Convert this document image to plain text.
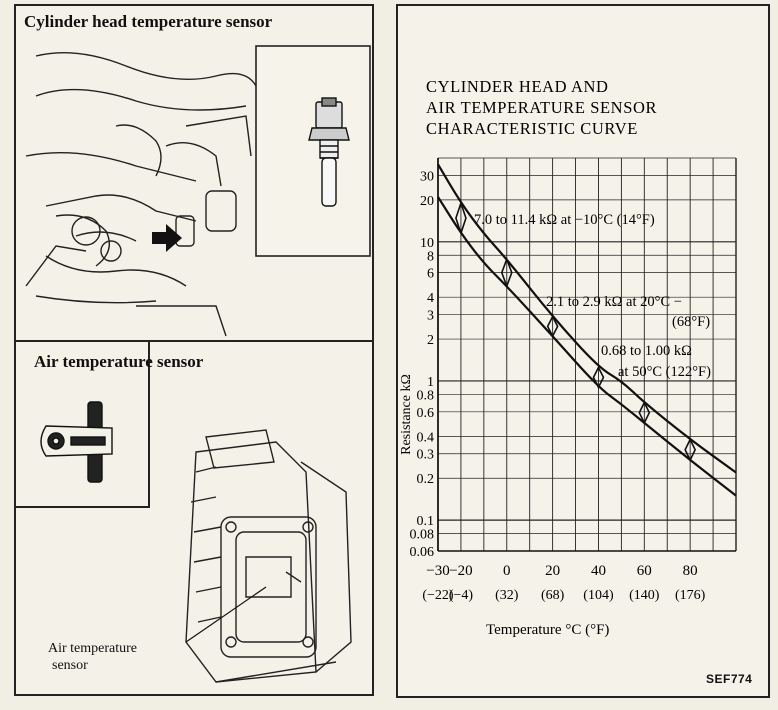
Cylinder head temperature sensor
Air temperature sensor
Air temperature
sensor
CYLINDER HEAD AND
AIR TEMPERATURE SENSOR
CHARACTERISTIC CURVE
30
20
10
8
6
4
3
2
1
0.8
0.6
0.4
0.3
0.2
0.1
0.08
0.06
−30 −20 0 20 40 60 80
(−22)
(−4) (32) (68) (104) (140) (176)
Temperature °C (°F)
Resistance kΩ
7.0 to 11.4 kΩ at −10°C (14°F)
2.1 to 2.9 kΩ at 20°C −
(68°F)
0.68 to 1.00 kΩ
at 50°C (122°F)
SEF774
